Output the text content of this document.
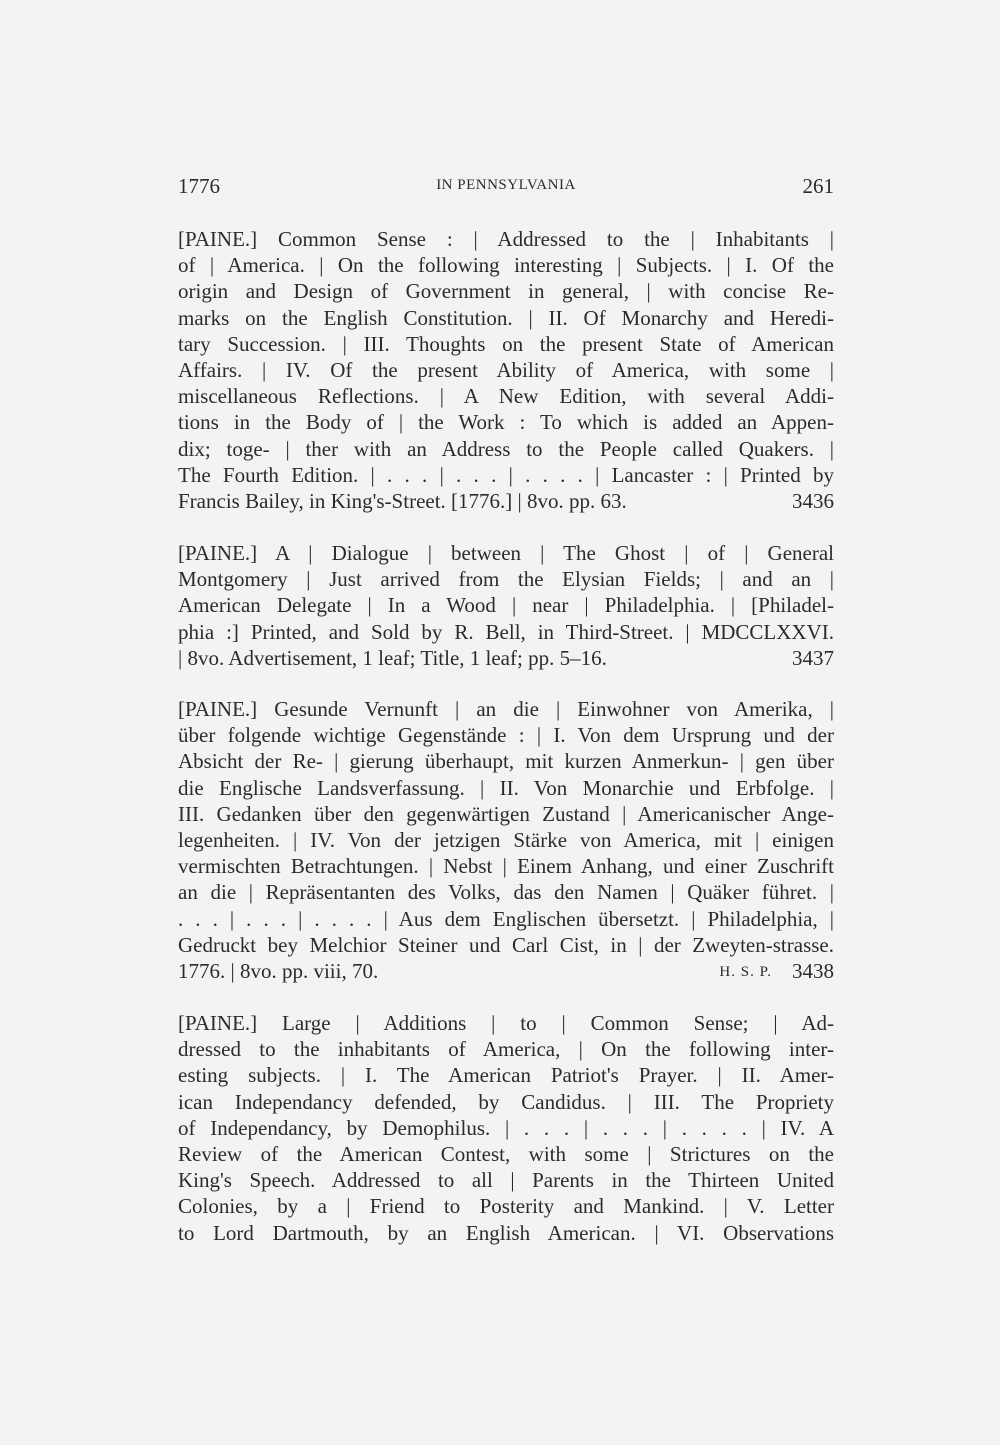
1776	IN PENNSYLVANIA	261
[PAINE.] Common Sense : | Addressed to the | Inhabitants |
of | America. | On the following interesting | Subjects. | I. Of the
origin and Design of Government in general, | with concise Re-
marks on the English Constitution. | II. Of Monarchy and Heredi-
tary Succession. | III. Thoughts on the present State of American
Affairs. | IV. Of the present Ability of America, with some |
miscellaneous Reflections. | A New Edition, with several Addi-
tions in the Body of | the Work : To which is added an Appen-
dix; toge- | ther with an Address to the People called Quakers. |
The Fourth Edition. | . . . | . . . | . . . . | Lancaster : | Printed by
Francis Bailey, in King's-Street. [1776.] | 8vo. pp. 63.	3436
[PAINE.] A | Dialogue | between | The Ghost | of | General
Montgomery | Just arrived from the Elysian Fields; | and an |
American Delegate | In a Wood | near | Philadelphia. | [Philadel-
phia :] Printed, and Sold by R. Bell, in Third-Street. | MDCCLXXVI.
| 8vo. Advertisement, 1 leaf; Title, 1 leaf; pp. 5–16.	3437
[PAINE.] Gesunde Vernunft | an die | Einwohner von Amerika, |
über folgende wichtige Gegenstände : | I. Von dem Ursprung und der
Absicht der Re- | gierung überhaupt, mit kurzen Anmerkun- | gen über
die Englische Landsverfassung. | II. Von Monarchie und Erbfolge. |
III. Gedanken über den gegenwärtigen Zustand | Americanischer Ange-
legenheiten. | IV. Von der jetzigen Stärke von America, mit | einigen
vermischten Betrachtungen. | Nebst | Einem Anhang, und einer Zuschrift
an die | Repräsentanten des Volks, das den Namen | Quäker führet. |
. . . | . . . | . . . . | Aus dem Englischen übersetzt. | Philadelphia, |
Gedruckt bey Melchior Steiner und Carl Cist, in | der Zweyten-strasse.
1776. | 8vo. pp. viii, 70.	H. S. P. 3438
[PAINE.] Large | Additions | to | Common Sense; | Ad-
dressed to the inhabitants of America, | On the following inter-
esting subjects. | I. The American Patriot's Prayer. | II. Amer-
ican Independancy defended, by Candidus. | III. The Propriety
of Independancy, by Demophilus. | . . . | . . . | . . . . | IV. A
Review of the American Contest, with some | Strictures on the
King's Speech. Addressed to all | Parents in the Thirteen United
Colonies, by a | Friend to Posterity and Mankind. | V. Letter
to Lord Dartmouth, by an English American. | VI. Observations
